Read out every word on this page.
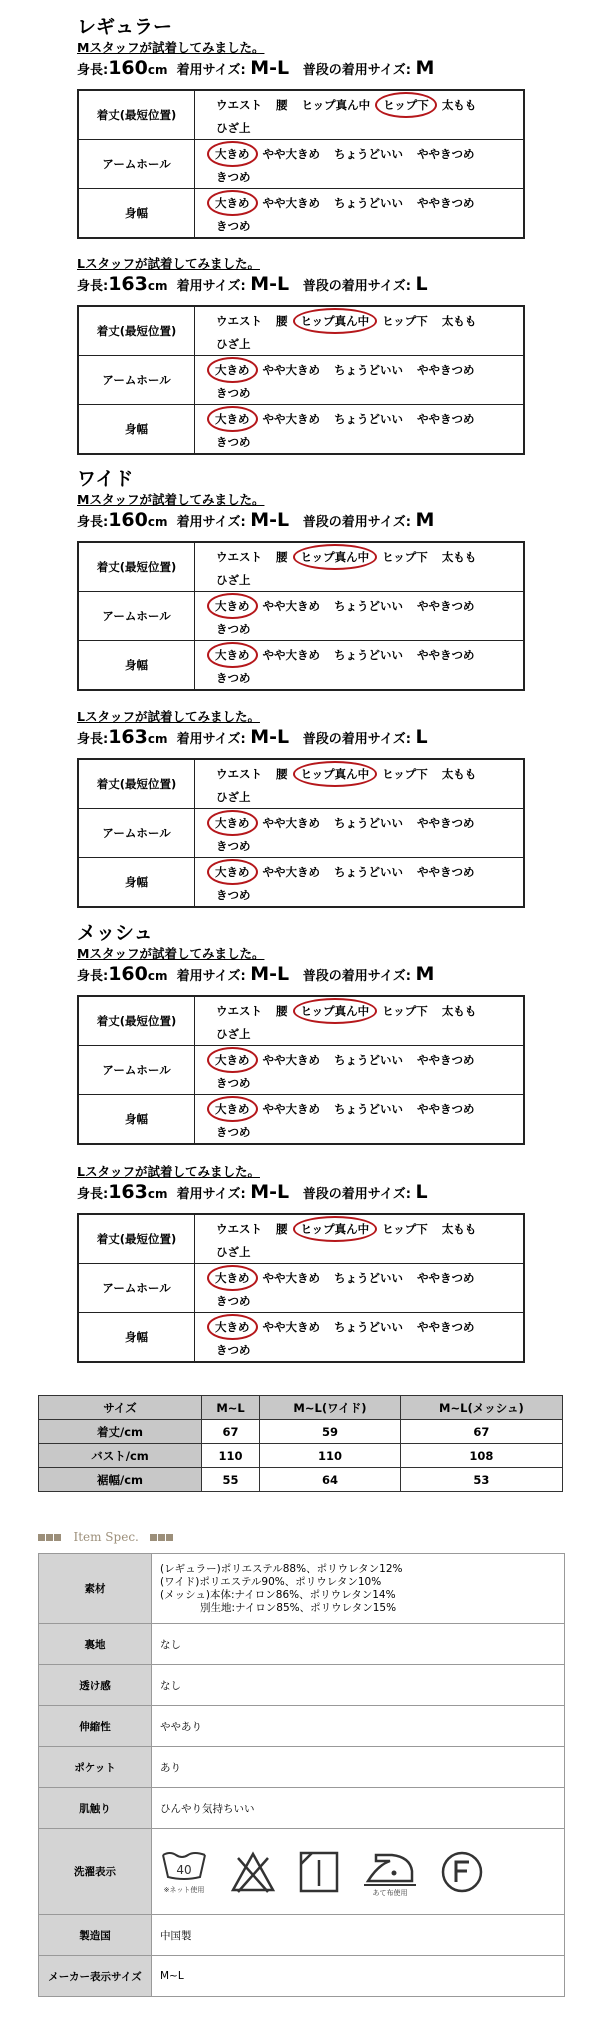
レギュラー
Mスタッフが試着してみました。
身長:160cm 着用サイズ: M-L 普段の着用サイズ: M
着丈(最短位置)	ウエスト 腰 ヒップ真ん中 ヒップ下 太ももひざ上
アームホール	大きめ やや大きめ ちょうどいい ややきつめきつめ
身幅	大きめ やや大きめ ちょうどいい ややきつめきつめ
Lスタッフが試着してみました。
身長:163cm 着用サイズ: M-L 普段の着用サイズ: L
着丈(最短位置)	ウエスト 腰 ヒップ真ん中 ヒップ下 太ももひざ上
アームホール	大きめ やや大きめ ちょうどいい ややきつめきつめ
身幅	大きめ やや大きめ ちょうどいい ややきつめきつめ
ワイド
Mスタッフが試着してみました。
身長:160cm 着用サイズ: M-L 普段の着用サイズ: M
着丈(最短位置)	ウエスト 腰 ヒップ真ん中 ヒップ下 太ももひざ上
アームホール	大きめ やや大きめ ちょうどいい ややきつめきつめ
身幅	大きめ やや大きめ ちょうどいい ややきつめきつめ
Lスタッフが試着してみました。
身長:163cm 着用サイズ: M-L 普段の着用サイズ: L
着丈(最短位置)	ウエスト 腰 ヒップ真ん中 ヒップ下 太ももひざ上
アームホール	大きめ やや大きめ ちょうどいい ややきつめきつめ
身幅	大きめ やや大きめ ちょうどいい ややきつめきつめ
メッシュ
Mスタッフが試着してみました。
身長:160cm 着用サイズ: M-L 普段の着用サイズ: M
着丈(最短位置)	ウエスト 腰 ヒップ真ん中 ヒップ下 太ももひざ上
アームホール	大きめ やや大きめ ちょうどいい ややきつめきつめ
身幅	大きめ やや大きめ ちょうどいい ややきつめきつめ
Lスタッフが試着してみました。
身長:163cm 着用サイズ: M-L 普段の着用サイズ: L
着丈(最短位置)	ウエスト 腰 ヒップ真ん中 ヒップ下 太ももひざ上
アームホール	大きめ やや大きめ ちょうどいい ややきつめきつめ
身幅	大きめ やや大きめ ちょうどいい ややきつめきつめ
サイズ	M~L	M~L(ワイド)	M~L(メッシュ)
着丈/cm	67	59	67
バスト/cm	110	110	108
裾幅/cm	55	64	53
Item Spec.
素材	(レギュラー)ポリエステル88%、ポリウレタン12%
(ワイド)ポリエステル90%、ポリウレタン10%
(メッシュ)本体:ナイロン86%、ポリウレタン14%
別生地:ナイロン85%、ポリウレタン15%

裏地	なし
透け感	なし
伸縮性	ややあり
ポケット	あり
肌触り	ひんやり気持ちいい
洗濯表示	40
※ネット使用 あて布使用

製造国	中国製
メーカー表示サイズ	M~L
